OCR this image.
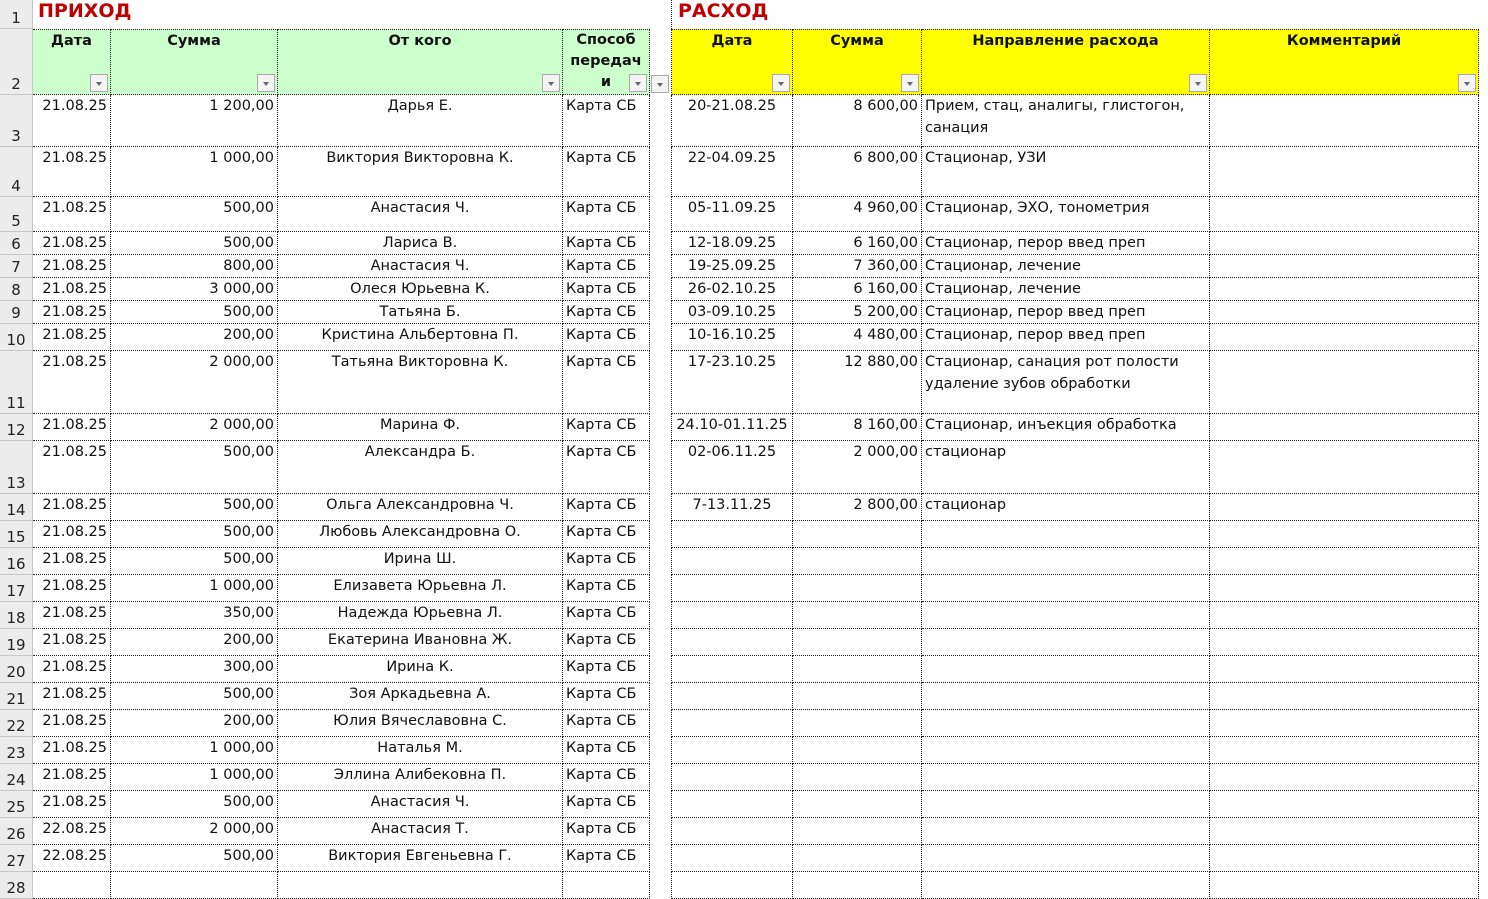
1
2
3
4
5
6
7
8
9
10
11
12
13
14
15
16
17
18
19
20
21
22
23
24
25
26
27
28
ПРИХОД	РАСХОД
Дата	Сумма	От кого	Способ
передач
и
Дата	Сумма	Направление расхода	Комментарий
21.08.25	1 200,00	Дарья Е.	Карта СБ
21.08.25	1 000,00	Виктория Викторовна К.	Карта СБ
21.08.25	500,00	Анастасия Ч.	Карта СБ
21.08.25	500,00	Лариса В.	Карта СБ
21.08.25	800,00	Анастасия Ч.	Карта СБ
21.08.25	3 000,00	Олеся Юрьевна К.	Карта СБ
21.08.25	500,00	Татьяна Б.	Карта СБ
21.08.25	200,00	Кристина Альбертовна П.	Карта СБ
21.08.25	2 000,00	Татьяна Викторовна К.	Карта СБ
21.08.25	2 000,00	Марина Ф.	Карта СБ
21.08.25	500,00	Александра Б.	Карта СБ
21.08.25	500,00	Ольга Александровна Ч.	Карта СБ
21.08.25	500,00	Любовь Александровна О.	Карта СБ
21.08.25	500,00	Ирина Ш.	Карта СБ
21.08.25	1 000,00	Елизавета Юрьевна Л.	Карта СБ
21.08.25	350,00	Надежда Юрьевна Л.	Карта СБ
21.08.25	200,00	Екатерина Ивановна Ж.	Карта СБ
21.08.25	300,00	Ирина К.	Карта СБ
21.08.25	500,00	Зоя Аркадьевна А.	Карта СБ
21.08.25	200,00	Юлия Вячеславовна С.	Карта СБ
21.08.25	1 000,00	Наталья М.	Карта СБ
21.08.25	1 000,00	Эллина Алибековна П.	Карта СБ
21.08.25	500,00	Анастасия Ч.	Карта СБ
22.08.25	2 000,00	Анастасия Т.	Карта СБ
22.08.25	500,00	Виктория Евгеньевна Г.	Карта СБ
20-21.08.25	8 600,00 Прием, стац, аналигы, глистогон, санация
22-04.09.25	6 800,00 Стационар, УЗИ
05-11.09.25	4 960,00 Стационар, ЭХО, тонометрия
12-18.09.25	6 160,00 Стационар, перор введ преп
19-25.09.25	7 360,00 Стационар, лечение
26-02.10.25	6 160,00 Стационар, лечение
03-09.10.25	5 200,00 Стационар, перор введ преп
10-16.10.25	4 480,00 Стационар, перор введ преп
17-23.10.25	12 880,00 Стационар, санация рот полости удаление зубов обработки
24.10-01.11.25	8 160,00 Стационар, инъекция обработка
02-06.11.25	2 000,00 стационар
7-13.11.25	2 800,00 стационар
